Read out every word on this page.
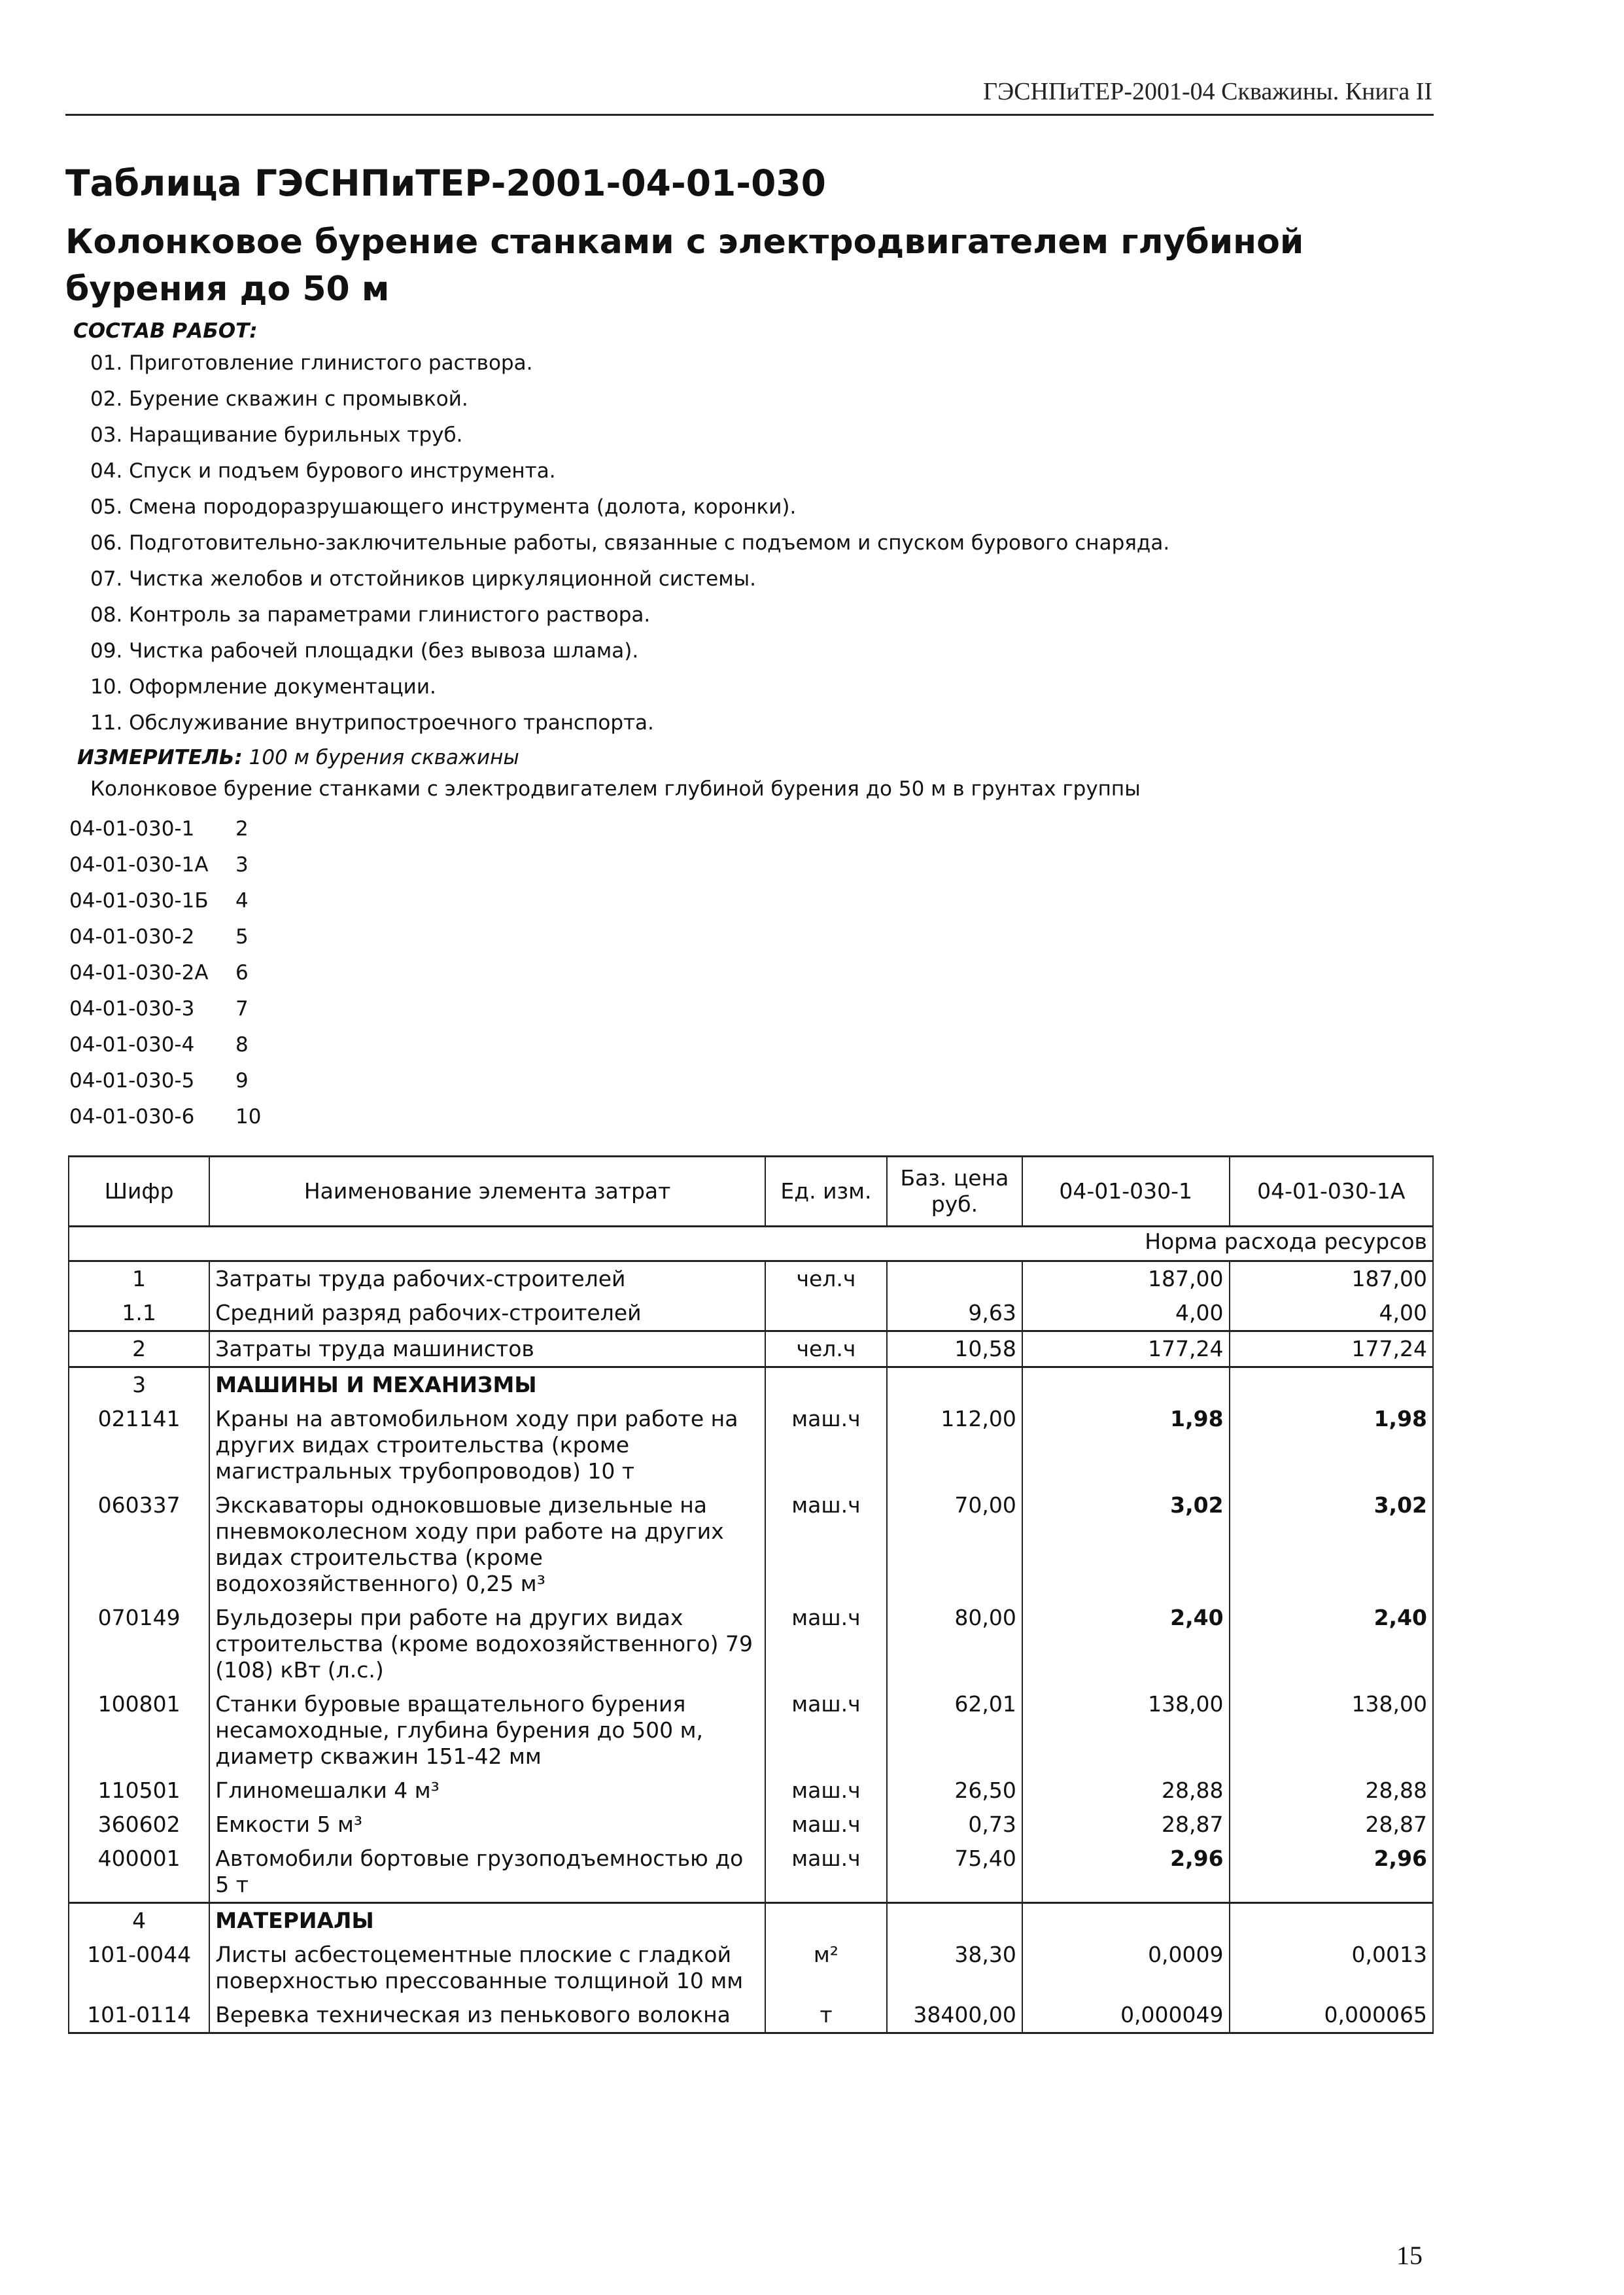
ГЭСНПиТЕР-2001-04 Скважины. Книга II
Таблица ГЭСНПиТЕР-2001-04-01-030
Колонковое бурение станками с электродвигателем глубиной бурения до 50 м
СОСТАВ РАБОТ:
01. Приготовление глинистого раствора.
02. Бурение скважин с промывкой.
03. Наращивание бурильных труб.
04. Спуск и подъем бурового инструмента.
05. Смена породоразрушающего инструмента (долота, коронки).
06. Подготовительно-заключительные работы, связанные с подъемом и спуском бурового снаряда.
07. Чистка желобов и отстойников циркуляционной системы.
08. Контроль за параметрами глинистого раствора.
09. Чистка рабочей площадки (без вывоза шлама).
10. Оформление документации.
11. Обслуживание внутрипостроечного транспорта.
ИЗМЕРИТЕЛЬ: 100 м бурения скважины
Колонковое бурение станками с электродвигателем глубиной бурения до 50 м в грунтах группы
04-01-030-1	2
04-01-030-1А	3
04-01-030-1Б	4
04-01-030-2	5
04-01-030-2А	6
04-01-030-3	7
04-01-030-4	8
04-01-030-5	9
04-01-030-6	10
Шифр	Наименование элемента затрат	Ед. изм.	Баз. цена руб.	04-01-030-1	04-01-030-1А
Норма расхода ресурсов					
1	Затраты труда рабочих-строителей	чел.ч		187,00	187,00
1.1	Средний разряд рабочих-строителей		9,63	4,00	4,00
2	Затраты труда машинистов	чел.ч	10,58	177,24	177,24
3	МАШИНЫ И МЕХАНИЗМЫ				
021141	Краны на автомобильном ходу при работе на других видах строительства (кроме магистральных трубопроводов) 10 т	маш.ч	112,00	1,98	1,98
060337	Экскаваторы одноковшовые дизельные на пневмоколесном ходу при работе на других видах строительства (кроме водохозяйственного) 0,25 м³	маш.ч	70,00	3,02	3,02
070149	Бульдозеры при работе на других видах строительства (кроме водохозяйственного) 79 (108) кВт (л.с.)	маш.ч	80,00	2,40	2,40
100801	Станки буровые вращательного бурения несамоходные, глубина бурения до 500 м, диаметр скважин 151-42 мм	маш.ч	62,01	138,00	138,00
110501	Глиномешалки 4 м³	маш.ч	26,50	28,88	28,88
360602	Емкости 5 м³	маш.ч	0,73	28,87	28,87
400001	Автомобили бортовые грузоподъемностью до 5 т	маш.ч	75,40	2,96	2,96
4	МАТЕРИАЛЫ				
101-0044	Листы асбестоцементные плоские с гладкой поверхностью прессованные толщиной 10 мм	м²	38,30	0,0009	0,0013
101-0114	Веревка техническая из пенькового волокна	т	38400,00	0,000049	0,000065
15
